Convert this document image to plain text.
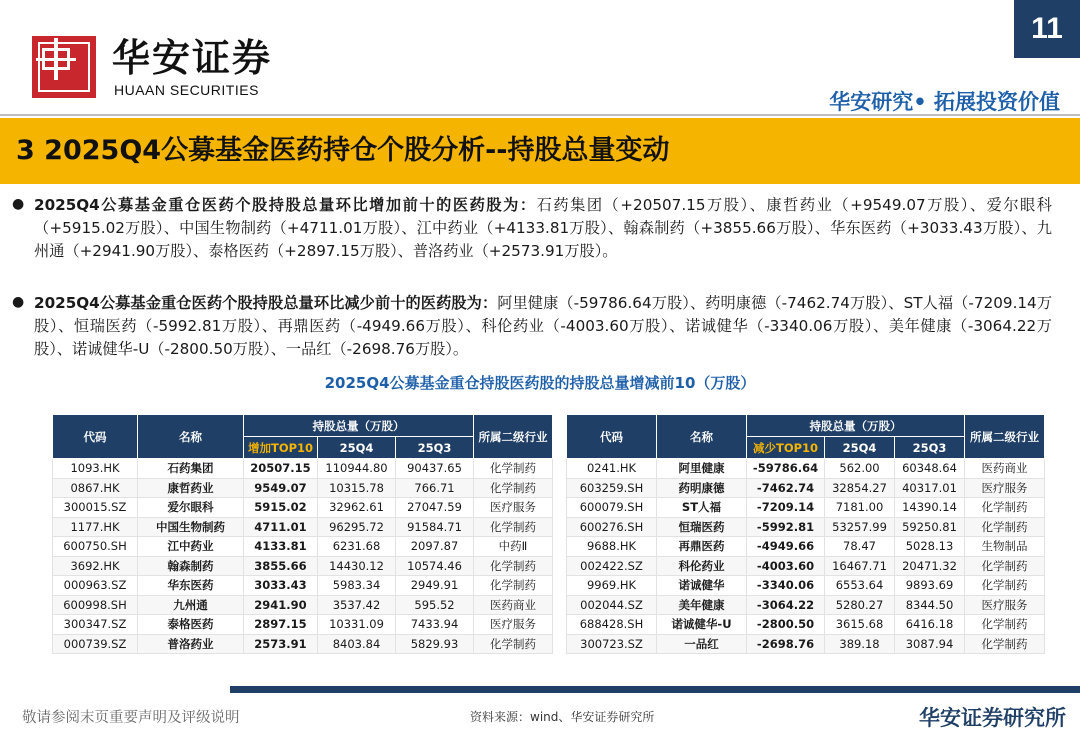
华安证券
HUAAN SECURITIES
11
华安研究• 拓展投资价值
3 2025Q4公募基金医药持仓个股分析--持股总量变动
● 2025Q4公募基金重仓医药个股持股总量环比增加前十的医药股为：石药集团（+20507.15万股）、康哲药业（+9549.07万股）、爱尔眼科（+5915.02万股）、中国生物制药（+4711.01万股）、江中药业（+4133.81万股）、翰森制药（+3855.66万股）、华东医药（+3033.43万股）、九州通（+2941.90万股）、泰格医药（+2897.15万股）、普洛药业（+2573.91万股）。
● 2025Q4公募基金重仓医药个股持股总量环比减少前十的医药股为：阿里健康（-59786.64万股）、药明康德（-7462.74万股）、ST人福（-7209.14万股）、恒瑞医药（-5992.81万股）、再鼎医药（-4949.66万股）、科伦药业（-4003.60万股）、诺诚健华（-3340.06万股）、美年健康（-3064.22万股）、诺诚健华-U（-2800.50万股）、一品红（-2698.76万股）。
2025Q4公募基金重仓持股医药股的持股总量增减前10（万股）
代码	名称	持股总量（万股）			所属二级行业
		增加TOP10	25Q4	25Q3	
1093.HK	石药集团	20507.15	110944.80	90437.65	化学制药
0867.HK	康哲药业	9549.07	10315.78	766.71	化学制药
300015.SZ	爱尔眼科	5915.02	32962.61	27047.59	医疗服务
1177.HK	中国生物制药	4711.01	96295.72	91584.71	化学制药
600750.SH	江中药业	4133.81	6231.68	2097.87	中药Ⅱ
3692.HK	翰森制药	3855.66	14430.12	10574.46	化学制药
000963.SZ	华东医药	3033.43	5983.34	2949.91	化学制药
600998.SH	九州通	2941.90	3537.42	595.52	医药商业
300347.SZ	泰格医药	2897.15	10331.09	7433.94	医疗服务
000739.SZ	普洛药业	2573.91	8403.84	5829.93	化学制药
代码	名称	持股总量（万股）			所属二级行业
		减少TOP10	25Q4	25Q3	
0241.HK	阿里健康	-59786.64	562.00	60348.64	医药商业
603259.SH	药明康德	-7462.74	32854.27	40317.01	医疗服务
600079.SH	ST人福	-7209.14	7181.00	14390.14	化学制药
600276.SH	恒瑞医药	-5992.81	53257.99	59250.81	化学制药
9688.HK	再鼎医药	-4949.66	78.47	5028.13	生物制品
002422.SZ	科伦药业	-4003.60	16467.71	20471.32	化学制药
9969.HK	诺诚健华	-3340.06	6553.64	9893.69	化学制药
002044.SZ	美年健康	-3064.22	5280.27	8344.50	医疗服务
688428.SH	诺诚健华-U	-2800.50	3615.68	6416.18	化学制药
300723.SZ	一品红	-2698.76	389.18	3087.94	化学制药
敬请参阅末页重要声明及评级说明	资料来源：wind、华安证券研究所	华安证券研究所
